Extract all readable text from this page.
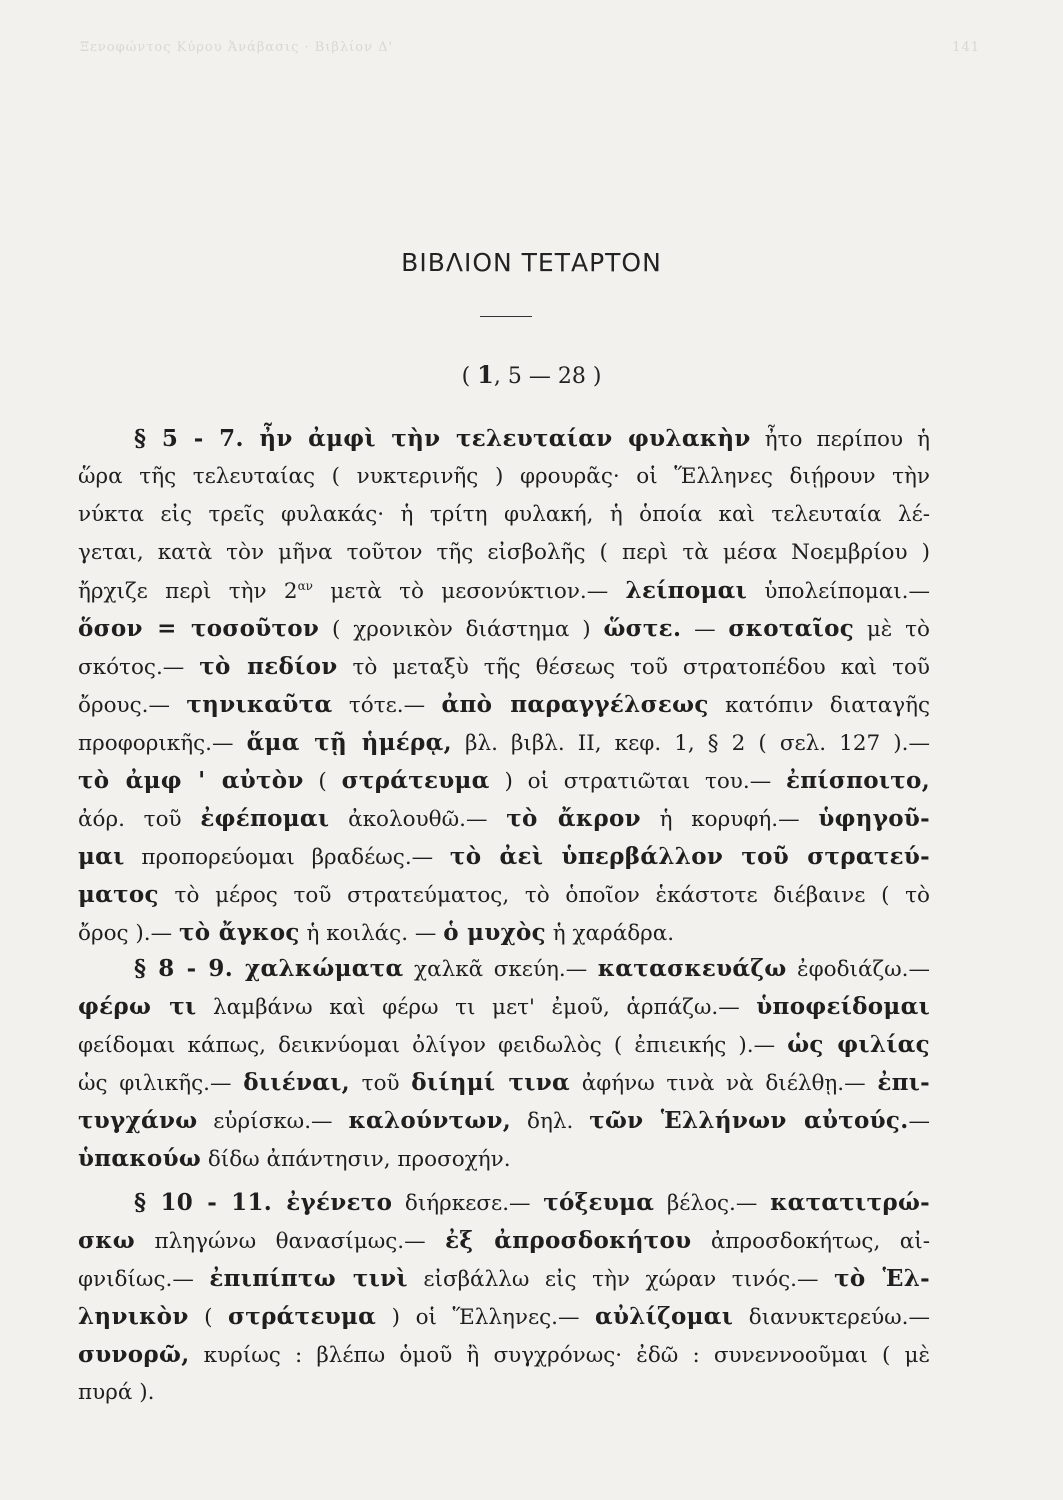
Ξενοφώντος Κύρου Ἀνάβασις · Βιβλίον Δ'	141
ΒΙΒΛΙΟΝ ΤΕΤΑΡΤΟΝ
( 1, 5 — 28 )
§ 5 - 7. ἦν ἀμφὶ τὴν τελευταίαν φυλακὴν ἦτο περίπου ἡ
ὥρα τῆς τελευταίας ( νυκτερινῆς ) φρουρᾶς· οἱ Ἕλληνες διῄρουν τὴν
νύκτα εἰς τρεῖς φυλακάς· ἡ τρίτη φυλακή, ἡ ὁποία καὶ τελευταία λέ-
γεται, κατὰ τὸν μῆνα τοῦτον τῆς εἰσβολῆς ( περὶ τὰ μέσα Νοεμβρίου )
ἤρχιζε περὶ τὴν $2^{\alpha\nu}$ μετὰ τὸ μεσονύκτιον.— λείπομαι ὑπολείπομαι.—
ὅσον = τοσοῦτον ( χρονικὸν διάστημα ) ὥστε. — σκοταῖος μὲ τὸ
σκότος.— τὸ πεδίον τὸ μεταξὺ τῆς θέσεως τοῦ στρατοπέδου καὶ τοῦ
ὄρους.— τηνικαῦτα τότε.— ἀπὸ παραγγέλσεως κατόπιν διαταγῆς
προφορικῆς.— ἅμα τῇ ἡμέρᾳ, βλ. βιβλ. ΙΙ, κεφ. 1, § 2 ( σελ. 127 ).—
τὸ ἀμφ ' αὐτὸν ( στράτευμα ) οἱ στρατιῶται του.— ἐπίσποιτο,
ἀόρ. τοῦ ἐφέπομαι ἀκολουθῶ.— τὸ ἄκρον ἡ κορυφή.— ὑφηγοῦ-
μαι προπορεύομαι βραδέως.— τὸ ἀεὶ ὑπερβάλλον τοῦ στρατεύ-
ματος τὸ μέρος τοῦ στρατεύματος, τὸ ὁποῖον ἑκάστοτε διέβαινε ( τὸ
ὄρος ).— τὸ ἄγκος ἡ κοιλάς. — ὁ μυχὸς ἡ χαράδρα.
§ 8 - 9. χαλκώματα χαλκᾶ σκεύη.— κατασκευάζω ἐφοδιάζω.—
φέρω τι λαμβάνω καὶ φέρω τι μετ' ἐμοῦ, ἁρπάζω.— ὑποφείδομαι
φείδομαι κάπως, δεικνύομαι ὀλίγον φειδωλὸς ( ἐπιεικής ).— ὡς φιλίας
ὡς φιλικῆς.— διιέναι, τοῦ διίημί τινα ἀφήνω τινὰ νὰ διέλθῃ.— ἐπι-
τυγχάνω εὑρίσκω.— καλούντων, δηλ. τῶν Ἑλλήνων αὐτούς.—
ὑπακούω δίδω ἀπάντησιν, προσοχήν.
§ 10 - 11. ἐγένετο διήρκεσε.— τόξευμα βέλος.— κατατιτρώ-
σκω πληγώνω θανασίμως.— ἐξ ἀπροσδοκήτου ἀπροσδοκήτως, αἰ-
φνιδίως.— ἐπιπίπτω τινὶ εἰσβάλλω εἰς τὴν χώραν τινός.— τὸ Ἑλ-
ληνικὸν ( στράτευμα ) οἱ Ἕλληνες.— αὐλίζομαι διανυκτερεύω.—
συνορῶ, κυρίως : βλέπω ὁμοῦ ἢ συγχρόνως· ἐδῶ : συνεννοοῦμαι ( μὲ
πυρά ).
